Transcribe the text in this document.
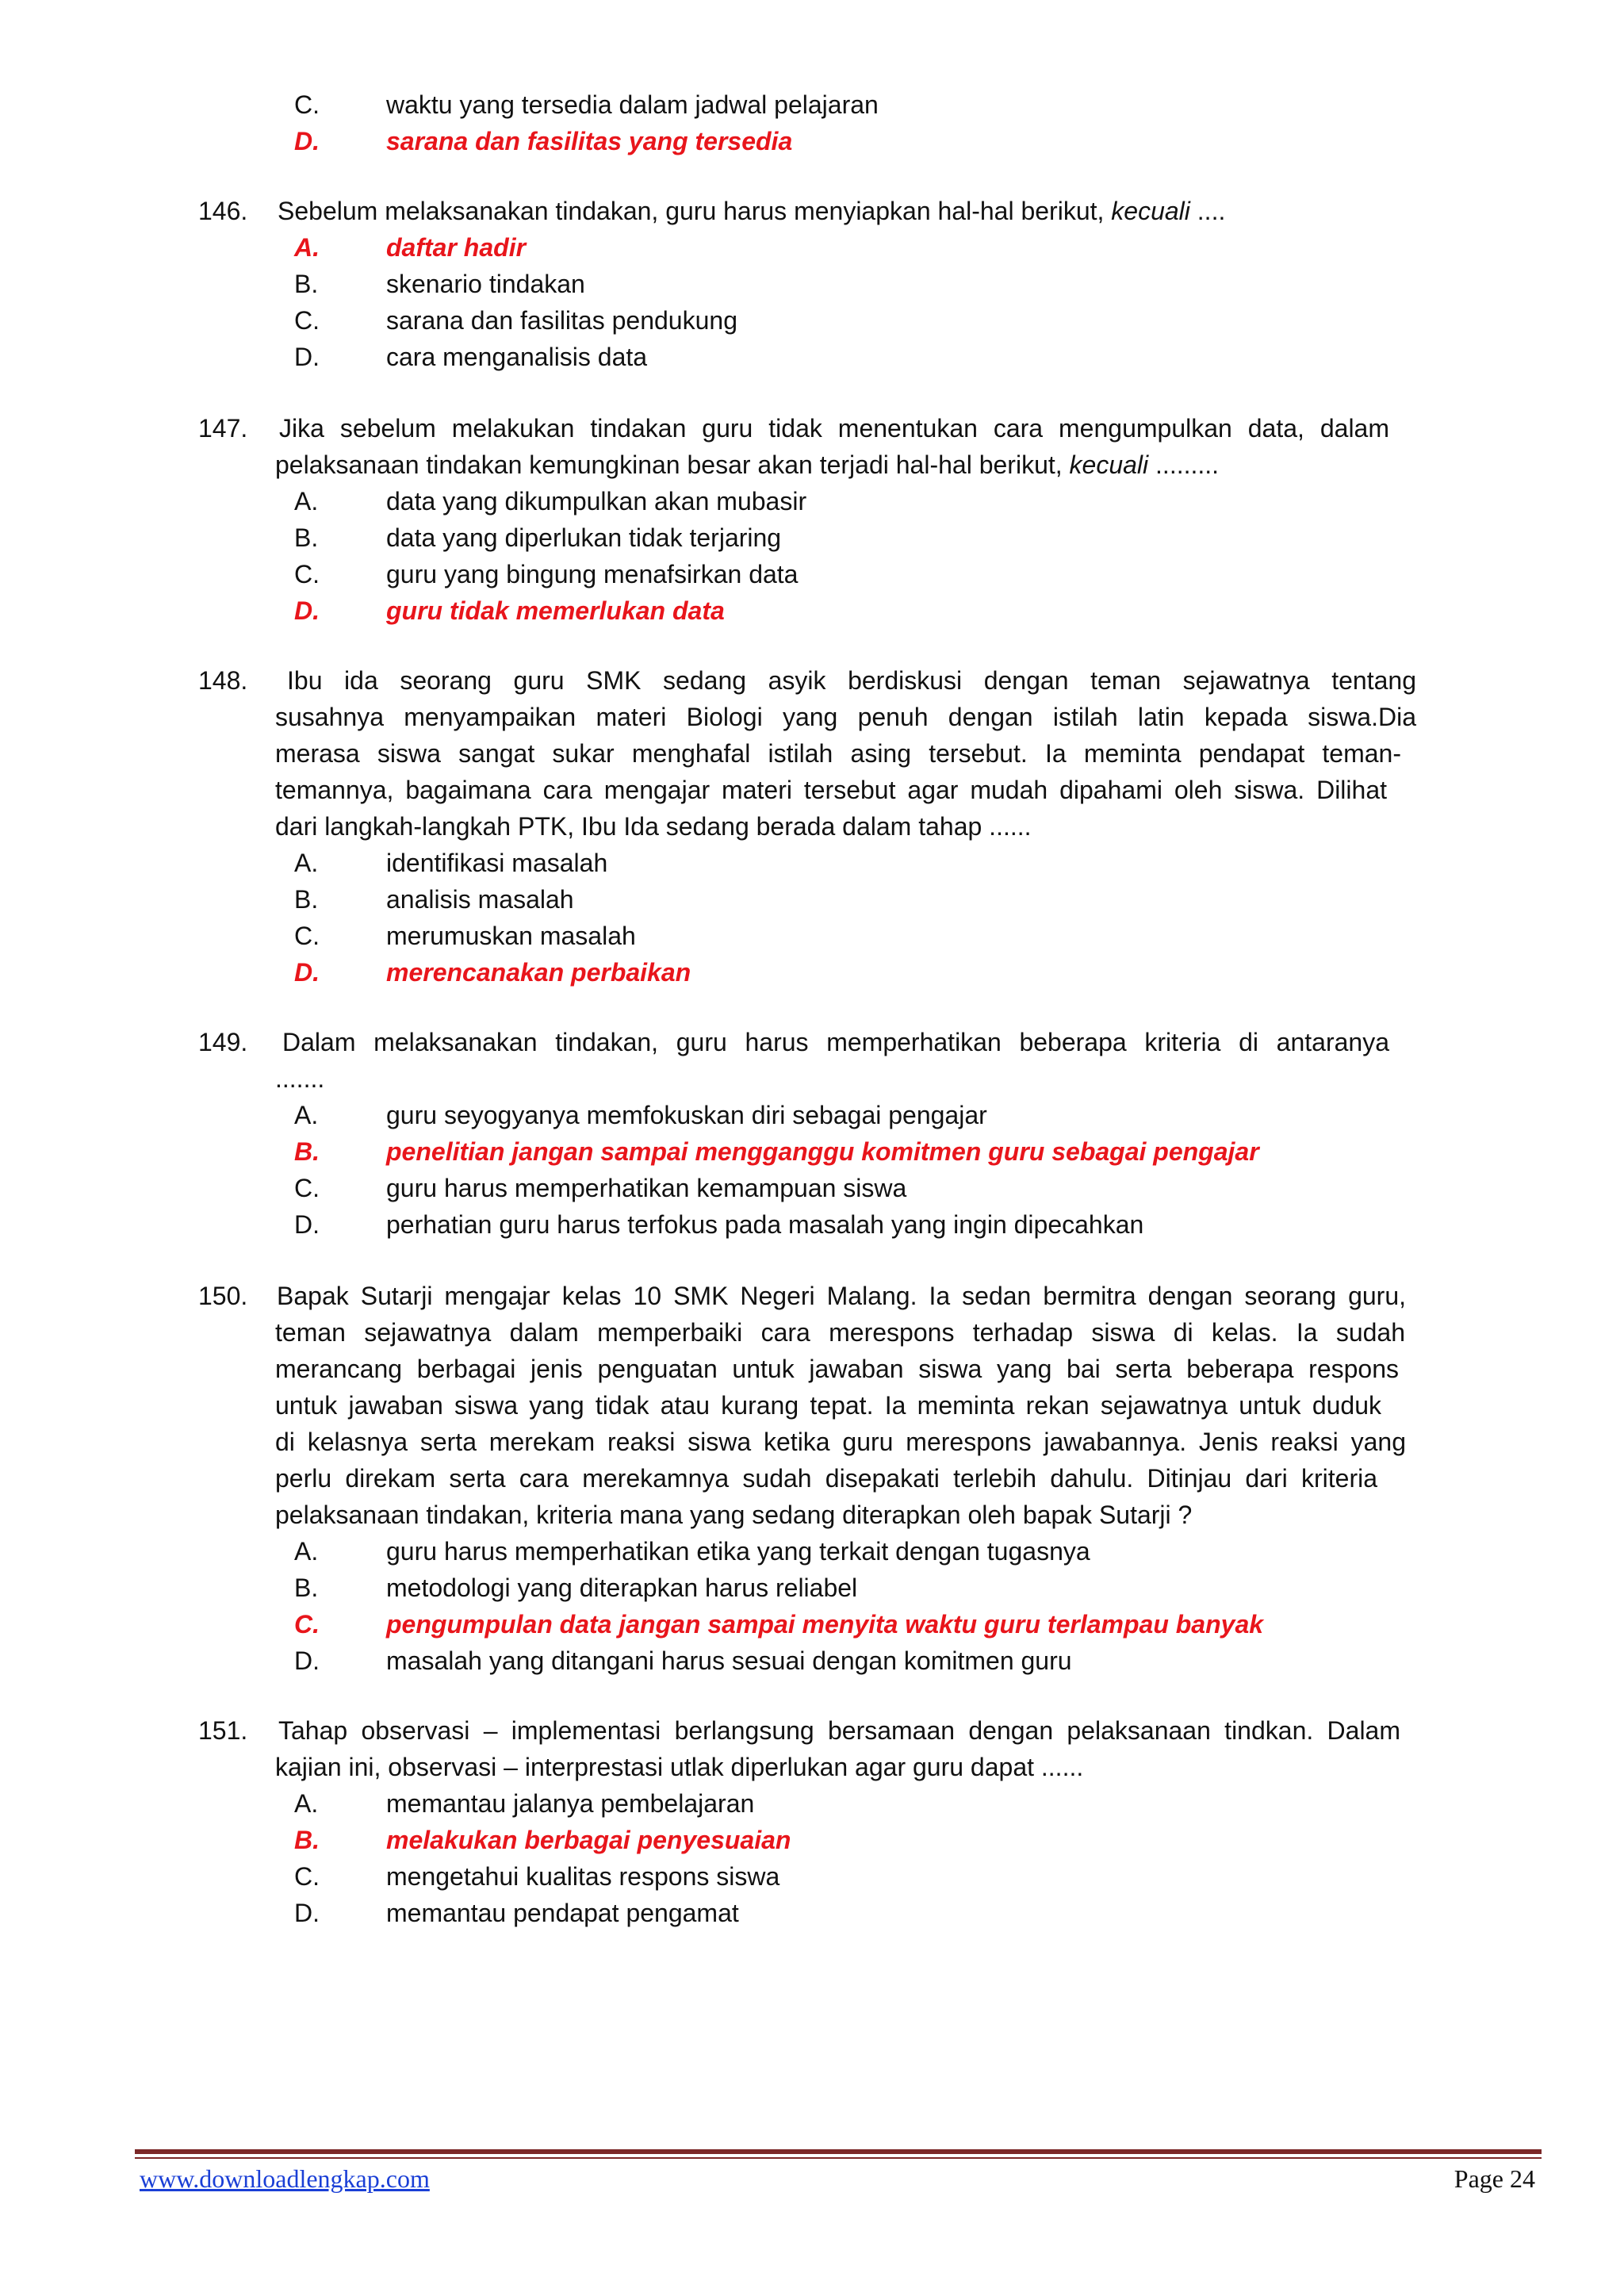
C.	waktu yang tersedia dalam jadwal pelajaran
D.	sarana dan fasilitas yang tersedia
146. Sebelum melaksanakan tindakan, guru harus menyiapkan hal-hal berikut, kecuali ....
A.	daftar hadir
B.	skenario tindakan
C.	sarana dan fasilitas pendukung
D.	cara menganalisis data
147. Jika sebelum melakukan tindakan guru tidak menentukan cara mengumpulkan data, dalam
pelaksanaan tindakan kemungkinan besar akan terjadi hal-hal berikut, kecuali .........
A.	data yang dikumpulkan akan mubasir
B.	data yang diperlukan tidak terjaring
C.	guru yang bingung menafsirkan data
D.	guru tidak memerlukan data
148. Ibu ida seorang guru SMK sedang asyik berdiskusi dengan teman sejawatnya tentang
susahnya menyampaikan materi Biologi yang penuh dengan istilah latin kepada siswa.Dia
merasa siswa sangat sukar menghafal istilah asing tersebut. Ia meminta pendapat teman-
temannya, bagaimana cara mengajar materi tersebut agar mudah dipahami oleh siswa. Dilihat
dari langkah-langkah PTK, Ibu Ida sedang berada dalam tahap ......
A.	identifikasi masalah
B.	analisis masalah
C.	merumuskan masalah
D.	merencanakan perbaikan
149. Dalam melaksanakan tindakan, guru harus memperhatikan beberapa kriteria di antaranya
.......
A.	guru seyogyanya memfokuskan diri sebagai pengajar
B.	penelitian jangan sampai mengganggu komitmen guru sebagai pengajar
C.	guru harus memperhatikan kemampuan siswa
D.	perhatian guru harus terfokus pada masalah yang ingin dipecahkan
150. Bapak Sutarji mengajar kelas 10 SMK Negeri Malang. Ia sedan bermitra dengan seorang guru,
teman sejawatnya dalam memperbaiki cara merespons terhadap siswa di kelas. Ia sudah
merancang berbagai jenis penguatan untuk jawaban siswa yang bai serta beberapa respons
untuk jawaban siswa yang tidak atau kurang tepat. Ia meminta rekan sejawatnya untuk duduk
di kelasnya serta merekam reaksi siswa ketika guru merespons jawabannya. Jenis reaksi yang
perlu direkam serta cara merekamnya sudah disepakati terlebih dahulu. Ditinjau dari kriteria
pelaksanaan tindakan, kriteria mana yang sedang diterapkan oleh bapak Sutarji ?
A.	guru harus memperhatikan etika yang terkait dengan tugasnya
B.	metodologi yang diterapkan harus reliabel
C.	pengumpulan data jangan sampai menyita waktu guru terlampau banyak
D.	masalah yang ditangani harus sesuai dengan komitmen guru
151. Tahap observasi – implementasi berlangsung bersamaan dengan pelaksanaan tindkan. Dalam
kajian ini, observasi – interprestasi utlak diperlukan agar guru dapat ......
A.	memantau jalanya pembelajaran
B.	melakukan berbagai penyesuaian
C.	mengetahui kualitas respons siswa
D.	memantau pendapat pengamat
www.downloadlengkap.com	Page 24
